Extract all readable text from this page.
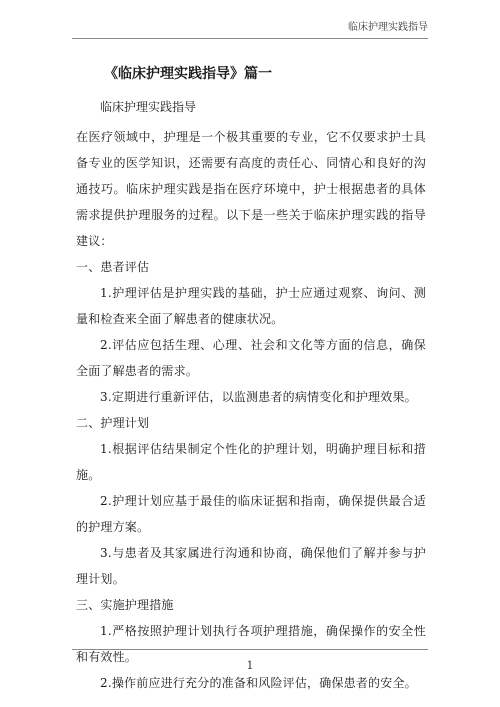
临床护理实践指导
《临床护理实践指导》篇一
临床护理实践指导

在医疗领域中，护理是一个极其重要的专业，它不仅要求护士具备专业的医学知识，还需要有高度的责任心、同情心和良好的沟通技巧。临床护理实践是指在医疗环境中，护士根据患者的具体需求提供护理服务的过程。以下是一些关于临床护理实践的指导建议：

一、患者评估

1.护理评估是护理实践的基础，护士应通过观察、询问、测量和检查来全面了解患者的健康状况。

2.评估应包括生理、心理、社会和文化等方面的信息，确保全面了解患者的需求。

3.定期进行重新评估，以监测患者的病情变化和护理效果。

二、护理计划

1.根据评估结果制定个性化的护理计划，明确护理目标和措施。

2.护理计划应基于最佳的临床证据和指南，确保提供最合适的护理方案。

3.与患者及其家属进行沟通和协商，确保他们了解并参与护理计划。

三、实施护理措施

1.严格按照护理计划执行各项护理措施，确保操作的安全性和有效性。

2.操作前应进行充分的准备和风险评估，确保患者的安全。

1
